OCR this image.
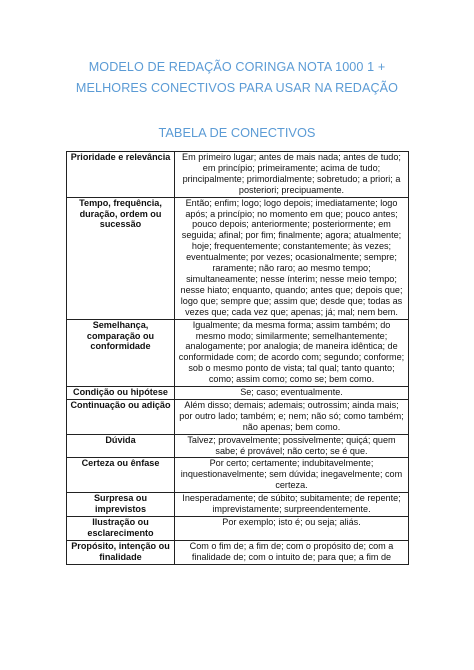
MODELO DE REDAÇÃO CORINGA NOTA 1000 1 +
MELHORES CONECTIVOS PARA USAR NA REDAÇÃO
TABELA DE CONECTIVOS
Prioridade e relevância	Em primeiro lugar; antes de mais nada; antes de tudo; em princípio; primeiramente; acima de tudo; principalmente; primordialmente; sobretudo; a priori; a posteriori; precipuamente.
Tempo, frequência, duração, ordem ou sucessão	Então; enfim; logo; logo depois; imediatamente; logo após; a princípio; no momento em que; pouco antes; pouco depois; anteriormente; posteriormente; em seguida; afinal; por fim; finalmente; agora; atualmente; hoje; frequentemente; constantemente; às vezes; eventualmente; por vezes; ocasionalmente; sempre; raramente; não raro; ao mesmo tempo; simultaneamente; nesse ínterim; nesse meio tempo; nesse hiato; enquanto, quando; antes que; depois que; logo que; sempre que; assim que; desde que; todas as vezes que; cada vez que; apenas; já; mal; nem bem.
Semelhança, comparação ou conformidade	Igualmente; da mesma forma; assim também; do mesmo modo; similarmente; semelhantemente; analogamente; por analogia; de maneira idêntica; de conformidade com; de acordo com; segundo; conforme; sob o mesmo ponto de vista; tal qual; tanto quanto; como; assim como; como se; bem como.
Condição ou hipótese	Se; caso; eventualmente.
Continuação ou adição	Além disso; demais; ademais; outrossim; ainda mais; por outro lado; também; e; nem; não só; como também; não apenas; bem como.
Dúvida	Talvez; provavelmente; possivelmente; quiçá; quem sabe; é provável; não certo; se é que.
Certeza ou ênfase	Por certo; certamente; indubitavelmente; inquestionavelmente; sem dúvida; inegavelmente; com certeza.
Surpresa ou imprevistos	Inesperadamente; de súbito; subitamente; de repente; imprevistamente; surpreendentemente.
Ilustração ou esclarecimento	Por exemplo; isto é; ou seja; aliás.
Propósito, intenção ou finalidade	Com o fim de; a fim de; com o propósito de; com a finalidade de; com o intuito de; para que; a fim de
